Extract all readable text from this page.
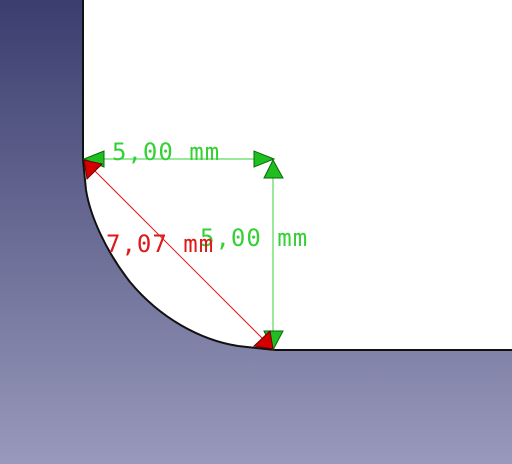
5,00 mm
5,00 mm
7,07 mm
